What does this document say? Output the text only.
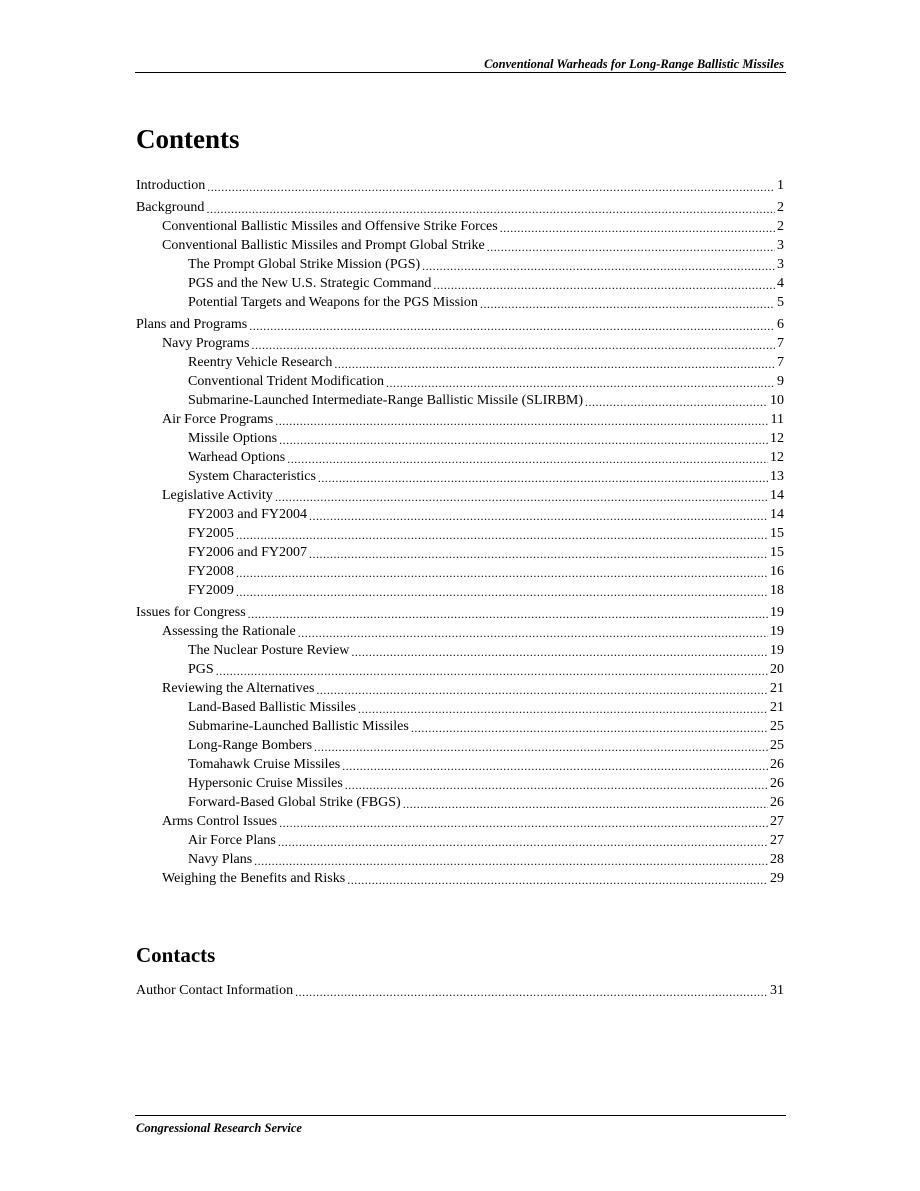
Conventional Warheads for Long-Range Ballistic Missiles
Contents
Introduction .....	1
Background .....	2
Conventional Ballistic Missiles and Offensive Strike Forces .....	2
Conventional Ballistic Missiles and Prompt Global Strike .....	3
The Prompt Global Strike Mission (PGS) .....	3
PGS and the New U.S. Strategic Command .....	4
Potential Targets and Weapons for the PGS Mission .....	5
Plans and Programs .....	6
Navy Programs .....	7
Reentry Vehicle Research .....	7
Conventional Trident Modification .....	9
Submarine-Launched Intermediate-Range Ballistic Missile (SLIRBM) .....	10
Air Force Programs .....	11
Missile Options .....	12
Warhead Options .....	12
System Characteristics .....	13
Legislative Activity .....	14
FY2003 and FY2004 .....	14
FY2005 .....	15
FY2006 and FY2007 .....	15
FY2008 .....	16
FY2009 .....	18
Issues for Congress .....	19
Assessing the Rationale .....	19
The Nuclear Posture Review .....	19
PGS .....	20
Reviewing the Alternatives .....	21
Land-Based Ballistic Missiles .....	21
Submarine-Launched Ballistic Missiles .....	25
Long-Range Bombers .....	25
Tomahawk Cruise Missiles .....	26
Hypersonic Cruise Missiles .....	26
Forward-Based Global Strike (FBGS) .....	26
Arms Control Issues .....	27
Air Force Plans .....	27
Navy Plans .....	28
Weighing the Benefits and Risks .....	29
Contacts
Author Contact Information .....	31
Congressional Research Service
